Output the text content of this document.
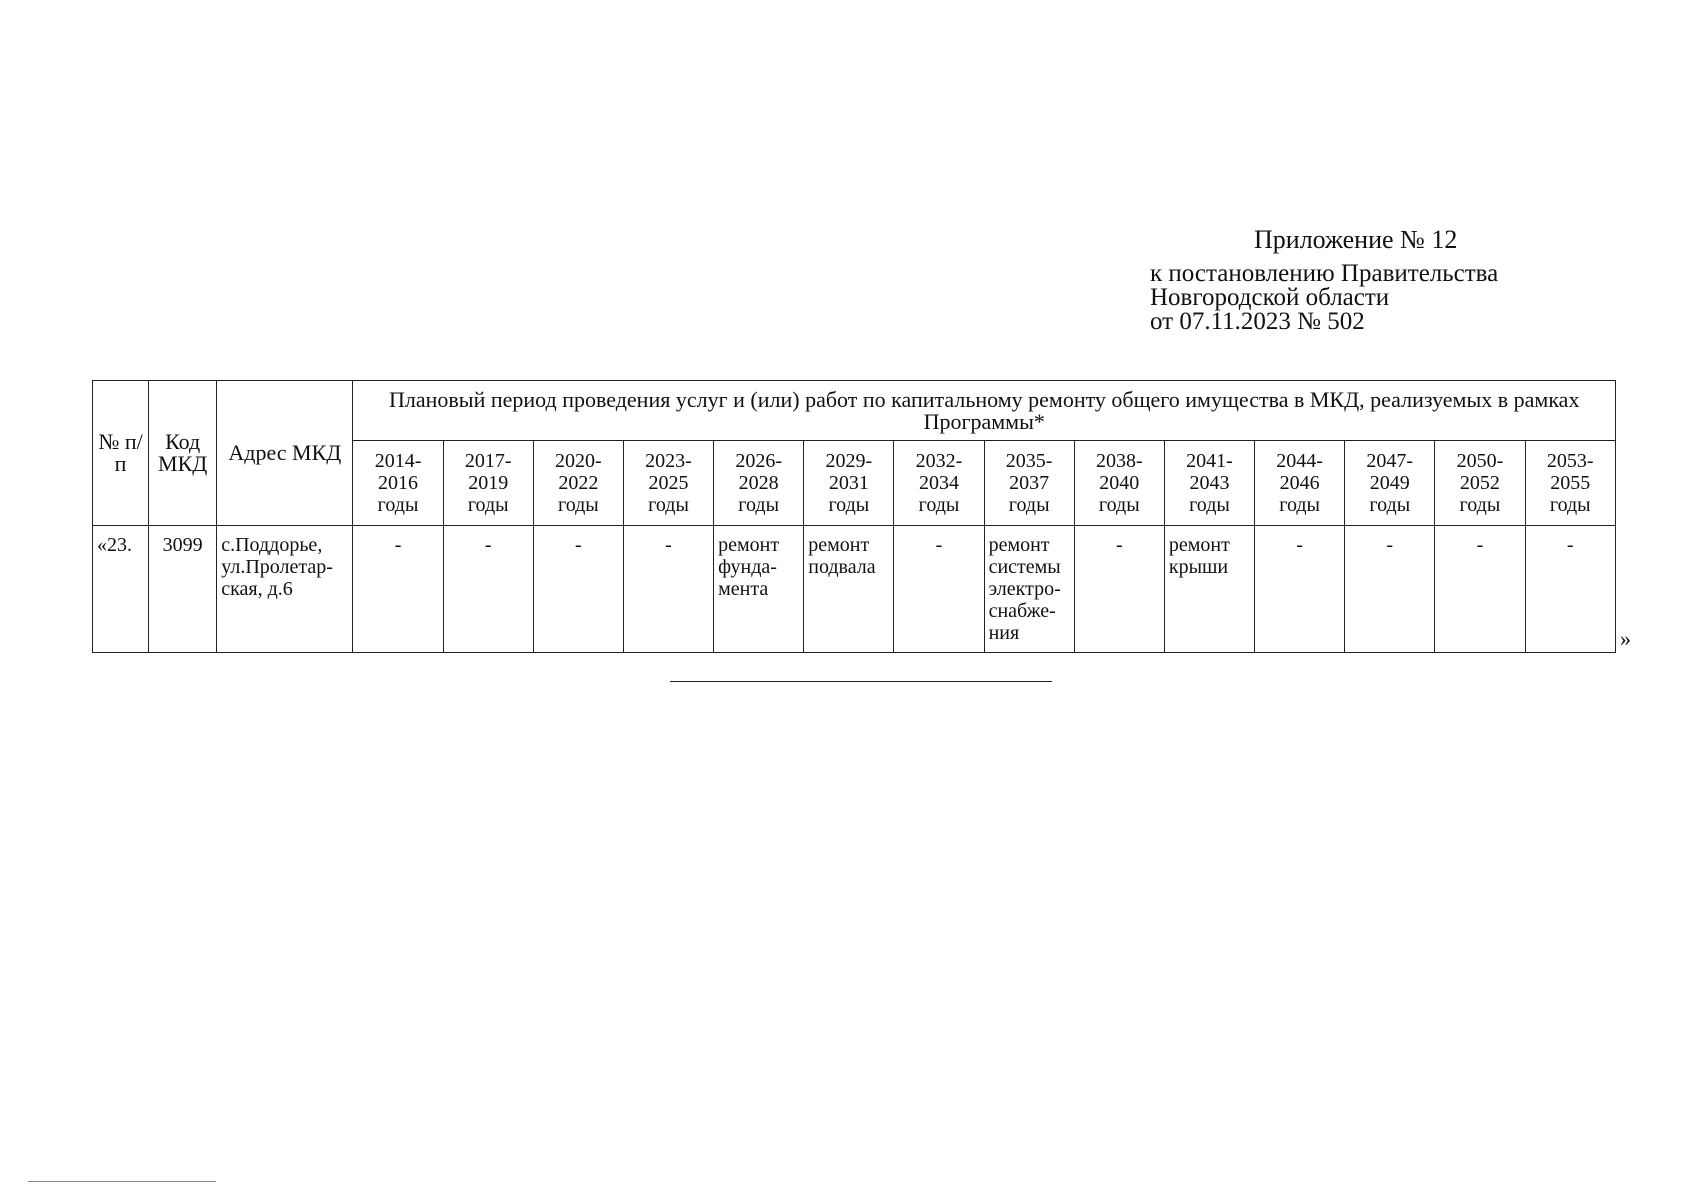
Приложение № 12
к постановлению Правительства
Новгородской области
от 07.11.2023 № 502
№ п/п	Код МКД	Адрес МКД	Плановый период проведения услуг и (или) работ по капитальному ремонту общего имущества в МКД, реализуемых в рамках Программы*													
			2014-2016 годы	2017-2019 годы	2020-2022 годы	2023-2025 годы	2026-2028 годы	2029-2031 годы	2032-2034 годы	2035-2037 годы	2038-2040 годы	2041-2043 годы	2044-2046 годы	2047-2049 годы	2050-2052 годы	2053-2055 годы
«23.	3099	с.Поддорье, ул.Пролетар-ская, д.6	-	-	-	-	ремонт фунда-мента	ремонт подвала	-	ремонт системы электро-снабже-ния	-	ремонт крыши	-	-	-	-
»
